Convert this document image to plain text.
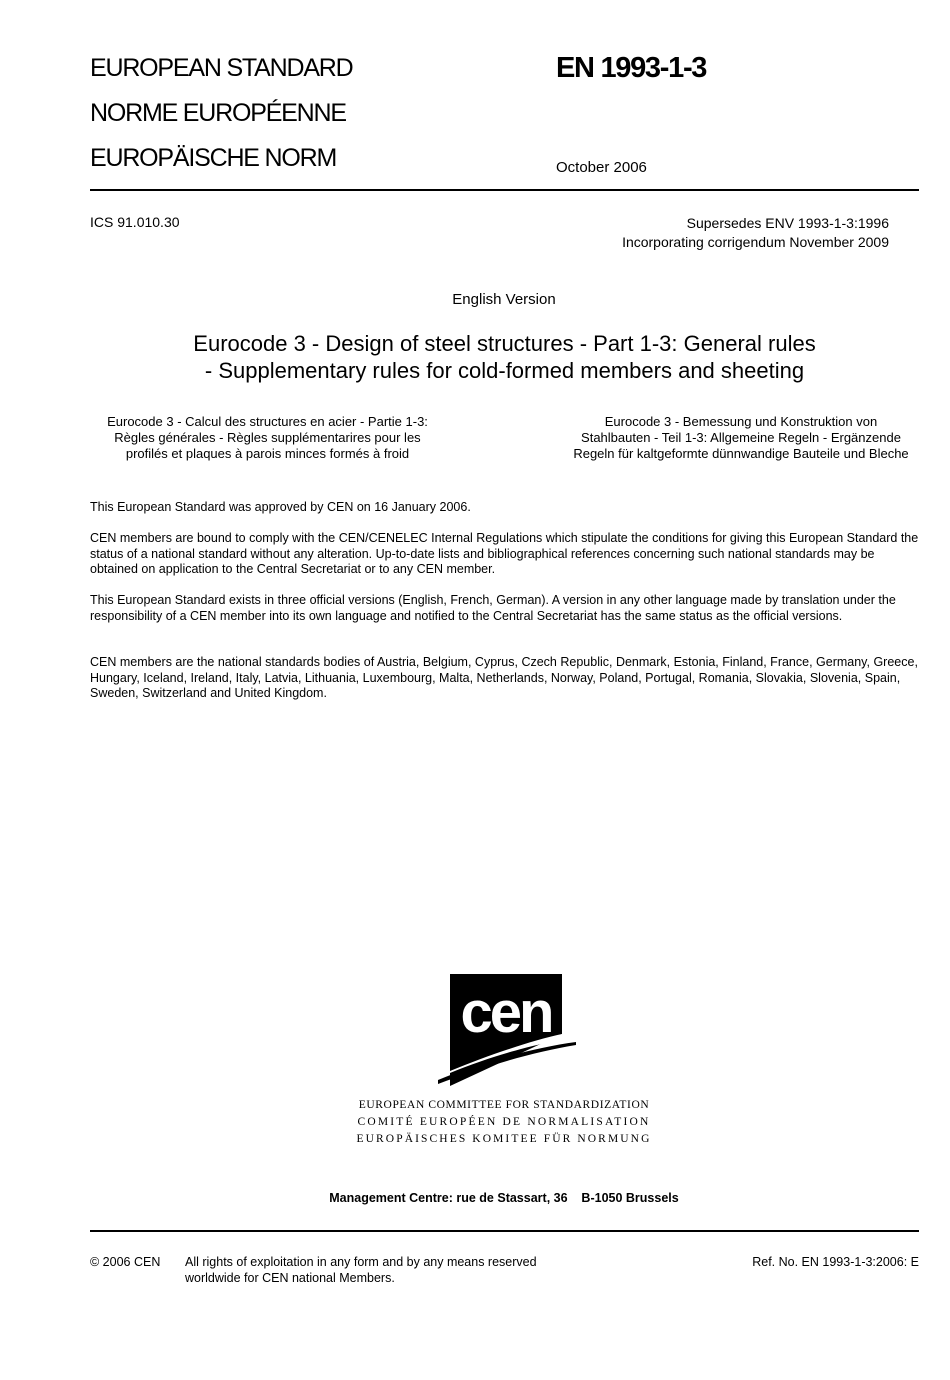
EUROPEAN STANDARD
NORME EUROPÉENNE
EUROPÄISCHE NORM
EN 1993-1-3
October 2006
ICS 91.010.30	Supersedes ENV 1993-1-3:1996
Incorporating corrigendum November 2009
English Version
Eurocode 3 - Design of steel structures - Part 1-3: General rules
- Supplementary rules for cold-formed members and sheeting
Eurocode 3 - Calcul des structures en acier - Partie 1-3:
Règles générales - Règles supplémentarires pour les
profilés et plaques à parois minces formés à froid
Eurocode 3 - Bemessung und Konstruktion von
Stahlbauten - Teil 1-3: Allgemeine Regeln - Ergänzende
Regeln für kaltgeformte dünnwandige Bauteile und Bleche
This European Standard was approved by CEN on 16 January 2006.
CEN members are bound to comply with the CEN/CENELEC Internal Regulations which stipulate the conditions for giving this European Standard the status of a national standard without any alteration. Up-to-date lists and bibliographical references concerning such national standards may be obtained on application to the Central Secretariat or to any CEN member.
This European Standard exists in three official versions (English, French, German). A version in any other language made by translation under the responsibility of a CEN member into its own language and notified to the Central Secretariat has the same status as the official versions.
CEN members are the national standards bodies of Austria, Belgium, Cyprus, Czech Republic, Denmark, Estonia, Finland, France, Germany, Greece, Hungary, Iceland, Ireland, Italy, Latvia, Lithuania, Luxembourg, Malta, Netherlands, Norway, Poland, Portugal, Romania, Slovakia, Slovenia, Spain, Sweden, Switzerland and United Kingdom.
cen
EUROPEAN COMMITTEE FOR STANDARDIZATION
COMITÉ EUROPÉEN DE NORMALISATION
EUROPÄISCHES KOMITEE FÜR NORMUNG
Management Centre: rue de Stassart, 36    B-1050 Brussels
© 2006 CEN All rights of exploitation in any form and by any means reserved
worldwide for CEN national Members.
Ref. No. EN 1993-1-3:2006: E
